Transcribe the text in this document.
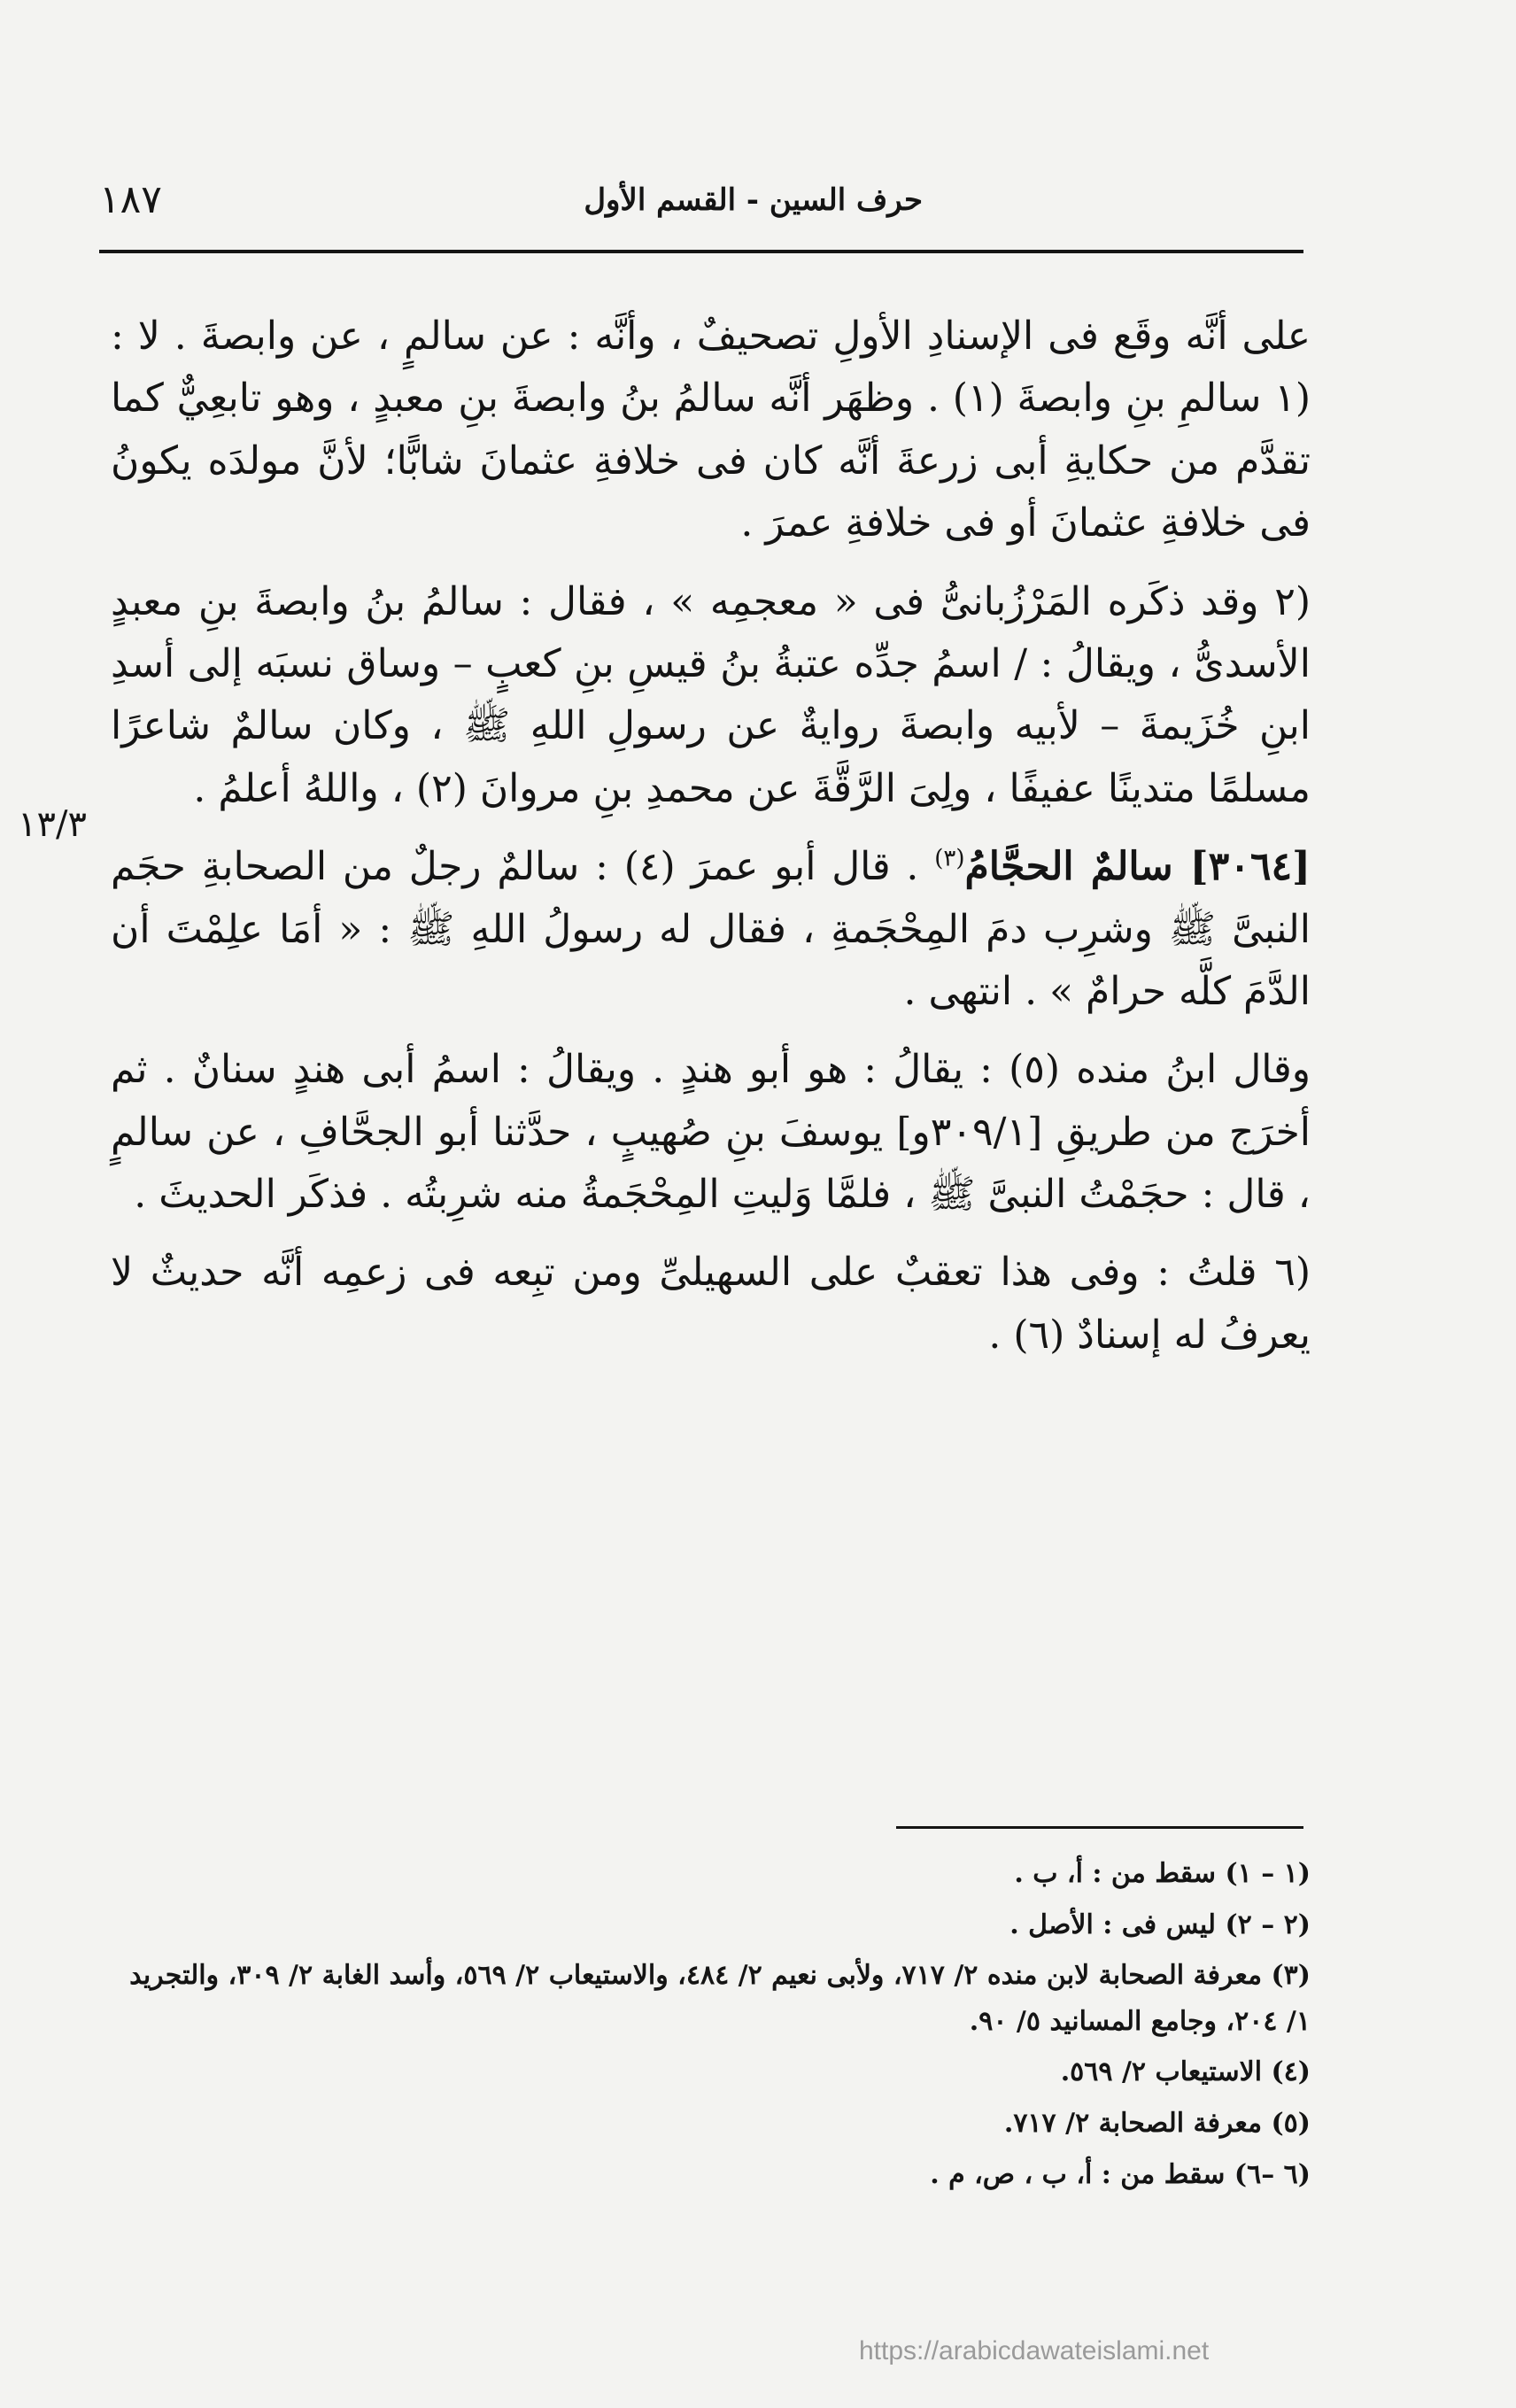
حرف السين - القسم الأول
١٨٧
١٣/٣

على أنَّه وقَع فى الإسنادِ الأولِ تصحيفٌ ، وأنَّه : عن سالمٍ ، عن وابصةَ . لا : ‌(١‌ سالمِ بنِ وابصةَ ‌(١)‌ . وظهَر أنَّه سالمُ بنُ وابصةَ بنِ معبدٍ ، وهو تابعِيٌّ كما تقدَّم من حكايةِ أبى زرعةَ أنَّه كان فى خلافةِ عثمانَ شابًّا؛ لأنَّ مولدَه يكونُ فى خلافةِ عثمانَ أو فى خلافةِ عمرَ .

‌(٢‌ وقد ذكَره المَرْزُبانىُّ فى « معجمِه » ، فقال : سالمُ بنُ وابصةَ بنِ معبدٍ الأسدىُّ ، ويقالُ : / اسمُ جدِّه عتبةُ بنُ قيسِ بنِ كعبٍ – وساق نسبَه إلى أسدِ ابنِ خُزَيمةَ – لأبيه وابصةَ روايةٌ عن رسولِ اللهِ ﷺ ، وكان سالمٌ شاعرًا مسلمًا متدينًا عفيفًا ، ولِىَ الرَّقَّةَ عن محمدِ بنِ مروانَ ‌(٢)‌ ، واللهُ أعلمُ .

[٣٠٦٤] سالمٌ الحجَّامُ$^{(٣)}$ . قال أبو عمرَ ‌(٤)‌ : سالمٌ رجلٌ من الصحابةِ حجَم النبىَّ ﷺ وشرِب دمَ المِحْجَمةِ ، فقال له رسولُ اللهِ ﷺ : « أمَا علِمْتَ أن الدَّمَ كلَّه حرامٌ » . انتهى .

وقال ابنُ منده ‌(٥)‌ : يقالُ : هو أبو هندٍ . ويقالُ : اسمُ أبى هندٍ سنانٌ . ثم أخرَج من طريقِ [٣٠٩/١و] يوسفَ بنِ صُهيبٍ ، حدَّثنا أبو الجحَّافِ ، عن سالمٍ ، قال : حجَمْتُ النبىَّ ﷺ ، فلمَّا وَليتِ المِحْجَمةُ منه شرِبتُه . فذكَر الحديثَ .

‌(٦‌ قلتُ : وفى هذا تعقبٌ على السهيلىِّ ومن تبِعه فى زعمِه أنَّه حديثٌ لا يعرفُ له إسنادٌ ‌(٦)‌ .

(١ – ١) سقط من : أ، ب .

(٢ – ٢) ليس فى : الأصل .

(٣) معرفة الصحابة لابن منده ٢/ ٧١٧، ولأبى نعيم ٢/ ٤٨٤، والاستيعاب ٢/ ٥٦٩، وأسد الغابة ٢/ ٣٠٩، والتجريد ١/ ٢٠٤، وجامع المسانيد ٥/ ٩٠.

(٤) الاستيعاب ٢/ ٥٦٩.

(٥) معرفة الصحابة ٢/ ٧١٧.

(٦ –٦) سقط من : أ، ب ، ص، م .

https://arabicdawateislami.net
